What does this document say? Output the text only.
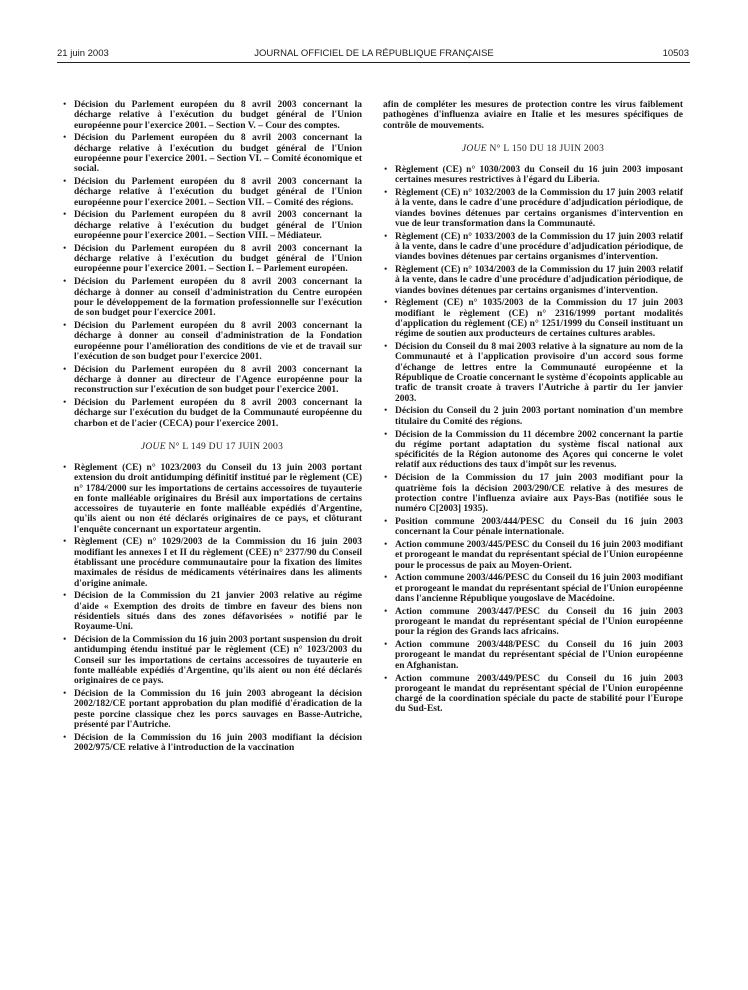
21 juin 2003	JOURNAL OFFICIEL DE LA RÉPUBLIQUE FRANÇAISE	10503
• Décision du Parlement européen du 8 avril 2003 concernant la décharge relative à l'exécution du budget général de l'Union européenne pour l'exercice 2001. – Section V. – Cour des comptes.
• Décision du Parlement européen du 8 avril 2003 concernant la décharge relative à l'exécution du budget général de l'Union européenne pour l'exercice 2001. – Section VI. – Comité économique et social.
• Décision du Parlement européen du 8 avril 2003 concernant la décharge relative à l'exécution du budget général de l'Union européenne pour l'exercice 2001. – Section VII. – Comité des régions.
• Décision du Parlement européen du 8 avril 2003 concernant la décharge relative à l'exécution du budget général de l'Union européenne pour l'exercice 2001. – Section VIII. – Médiateur.
• Décision du Parlement européen du 8 avril 2003 concernant la décharge relative à l'exécution du budget général de l'Union européenne pour l'exercice 2001. – Section I. – Parlement européen.
• Décision du Parlement européen du 8 avril 2003 concernant la décharge à donner au conseil d'administration du Centre européen pour le développement de la formation professionnelle sur l'exécution de son budget pour l'exercice 2001.
• Décision du Parlement européen du 8 avril 2003 concernant la décharge à donner au conseil d'administration de la Fondation européenne pour l'amélioration des conditions de vie et de travail sur l'exécution de son budget pour l'exercice 2001.
• Décision du Parlement européen du 8 avril 2003 concernant la décharge à donner au directeur de l'Agence européenne pour la reconstruction sur l'exécution de son budget pour l'exercice 2001.
• Décision du Parlement européen du 8 avril 2003 concernant la décharge sur l'exécution du budget de la Communauté européenne du charbon et de l'acier (CECA) pour l'exercice 2001.
JOUE N° L 149 DU 17 JUIN 2003
• Règlement (CE) n° 1023/2003 du Conseil du 13 juin 2003 portant extension du droit antidumping définitif institué par le règlement (CE) n° 1784/2000 sur les importations de certains accessoires de tuyauterie en fonte malléable originaires du Brésil aux importations de certains accessoires de tuyauterie en fonte malléable expédiés d'Argentine, qu'ils aient ou non été déclarés originaires de ce pays, et clôturant l'enquête concernant un exportateur argentin.
• Règlement (CE) n° 1029/2003 de la Commission du 16 juin 2003 modifiant les annexes I et II du règlement (CEE) n° 2377/90 du Conseil établissant une procédure communautaire pour la fixation des limites maximales de résidus de médicaments vétérinaires dans les aliments d'origine animale.
• Décision de la Commission du 21 janvier 2003 relative au régime d'aide « Exemption des droits de timbre en faveur des biens non résidentiels situés dans des zones défavorisées » notifié par le Royaume-Uni.
• Décision de la Commission du 16 juin 2003 portant suspension du droit antidumping étendu institué par le règlement (CE) n° 1023/2003 du Conseil sur les importations de certains accessoires de tuyauterie en fonte malléable expédiés d'Argentine, qu'ils aient ou non été déclarés originaires de ce pays.
• Décision de la Commission du 16 juin 2003 abrogeant la décision 2002/182/CE portant approbation du plan modifié d'éradication de la peste porcine classique chez les porcs sauvages en Basse-Autriche, présenté par l'Autriche.
• Décision de la Commission du 16 juin 2003 modifiant la décision 2002/975/CE relative à l'introduction de la vaccination
afin de compléter les mesures de protection contre les virus faiblement pathogènes d'influenza aviaire en Italie et les mesures spécifiques de contrôle de mouvements.
JOUE N° L 150 DU 18 JUIN 2003
• Règlement (CE) n° 1030/2003 du Conseil du 16 juin 2003 imposant certaines mesures restrictives à l'égard du Liberia.
• Règlement (CE) n° 1032/2003 de la Commission du 17 juin 2003 relatif à la vente, dans le cadre d'une procédure d'adjudication périodique, de viandes bovines détenues par certains organismes d'intervention en vue de leur transformation dans la Communauté.
• Règlement (CE) n° 1033/2003 de la Commission du 17 juin 2003 relatif à la vente, dans le cadre d'une procédure d'adjudication périodique, de viandes bovines détenues par certains organismes d'intervention.
• Règlement (CE) n° 1034/2003 de la Commission du 17 juin 2003 relatif à la vente, dans le cadre d'une procédure d'adjudication périodique, de viandes bovines détenues par certains organismes d'intervention.
• Règlement (CE) n° 1035/2003 de la Commission du 17 juin 2003 modifiant le règlement (CE) n° 2316/1999 portant modalités d'application du règlement (CE) n° 1251/1999 du Conseil instituant un régime de soutien aux producteurs de certaines cultures arables.
• Décision du Conseil du 8 mai 2003 relative à la signature au nom de la Communauté et à l'application provisoire d'un accord sous forme d'échange de lettres entre la Communauté européenne et la République de Croatie concernant le système d'écopoints applicable au trafic de transit croate à travers l'Autriche à partir du 1er janvier 2003.
• Décision du Conseil du 2 juin 2003 portant nomination d'un membre titulaire du Comité des régions.
• Décision de la Commission du 11 décembre 2002 concernant la partie du régime portant adaptation du système fiscal national aux spécificités de la Région autonome des Açores qui concerne le volet relatif aux réductions des taux d'impôt sur les revenus.
• Décision de la Commission du 17 juin 2003 modifiant pour la quatrième fois la décision 2003/290/CE relative à des mesures de protection contre l'influenza aviaire aux Pays-Bas (notifiée sous le numéro C[2003] 1935).
• Position commune 2003/444/PESC du Conseil du 16 juin 2003 concernant la Cour pénale internationale.
• Action commune 2003/445/PESC du Conseil du 16 juin 2003 modifiant et prorogeant le mandat du représentant spécial de l'Union européenne pour le processus de paix au Moyen-Orient.
• Action commune 2003/446/PESC du Conseil du 16 juin 2003 modifiant et prorogeant le mandat du représentant spécial de l'Union européenne dans l'ancienne République yougoslave de Macédoine.
• Action commune 2003/447/PESC du Conseil du 16 juin 2003 prorogeant le mandat du représentant spécial de l'Union européenne pour la région des Grands lacs africains.
• Action commune 2003/448/PESC du Conseil du 16 juin 2003 prorogeant le mandat du représentant spécial de l'Union européenne en Afghanistan.
• Action commune 2003/449/PESC du Conseil du 16 juin 2003 prorogeant le mandat du représentant spécial de l'Union européenne chargé de la coordination spéciale du pacte de stabilité pour l'Europe du Sud-Est.
